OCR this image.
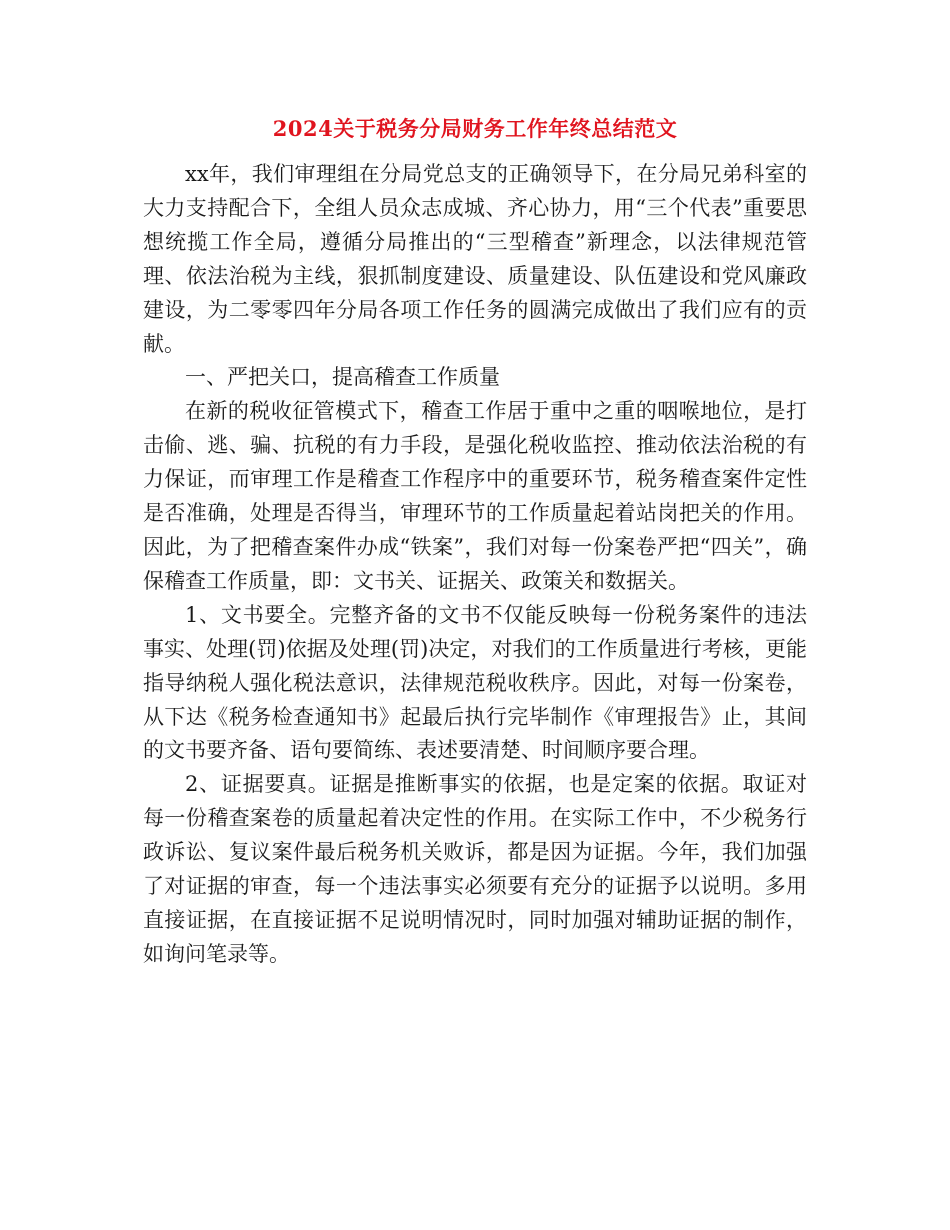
2024关于税务分局财务工作年终总结范文

xx年，我们审理组在分局党总支的正确领导下，在分局兄弟科室的大力支持配合下，全组人员众志成城、齐心协力，用“三个代表”重要思想统揽工作全局，遵循分局推出的“三型稽查”新理念，以法律规范管理、依法治税为主线，狠抓制度建设、质量建设、队伍建设和党风廉政建设，为二零零四年分局各项工作任务的圆满完成做出了我们应有的贡献。

一、严把关口，提高稽查工作质量

在新的税收征管模式下，稽查工作居于重中之重的咽喉地位，是打击偷、逃、骗、抗税的有力手段，是强化税收监控、推动依法治税的有力保证，而审理工作是稽查工作程序中的重要环节，税务稽查案件定性是否准确，处理是否得当，审理环节的工作质量起着站岗把关的作用。因此，为了把稽查案件办成“铁案”，我们对每一份案卷严把“四关”，确保稽查工作质量，即：文书关、证据关、政策关和数据关。

1、文书要全。完整齐备的文书不仅能反映每一份税务案件的违法事实、处理(罚)依据及处理(罚)决定，对我们的工作质量进行考核，更能指导纳税人强化税法意识，法律规范税收秩序。因此，对每一份案卷，从下达《税务检查通知书》起最后执行完毕制作《审理报告》止，其间的文书要齐备、语句要简练、表述要清楚、时间顺序要合理。

2、证据要真。证据是推断事实的依据，也是定案的依据。取证对每一份稽查案卷的质量起着决定性的作用。在实际工作中，不少税务行政诉讼、复议案件最后税务机关败诉，都是因为证据。今年，我们加强了对证据的审查，每一个违法事实必须要有充分的证据予以说明。多用直接证据，在直接证据不足说明情况时，同时加强对辅助证据的制作，如询问笔录等。
